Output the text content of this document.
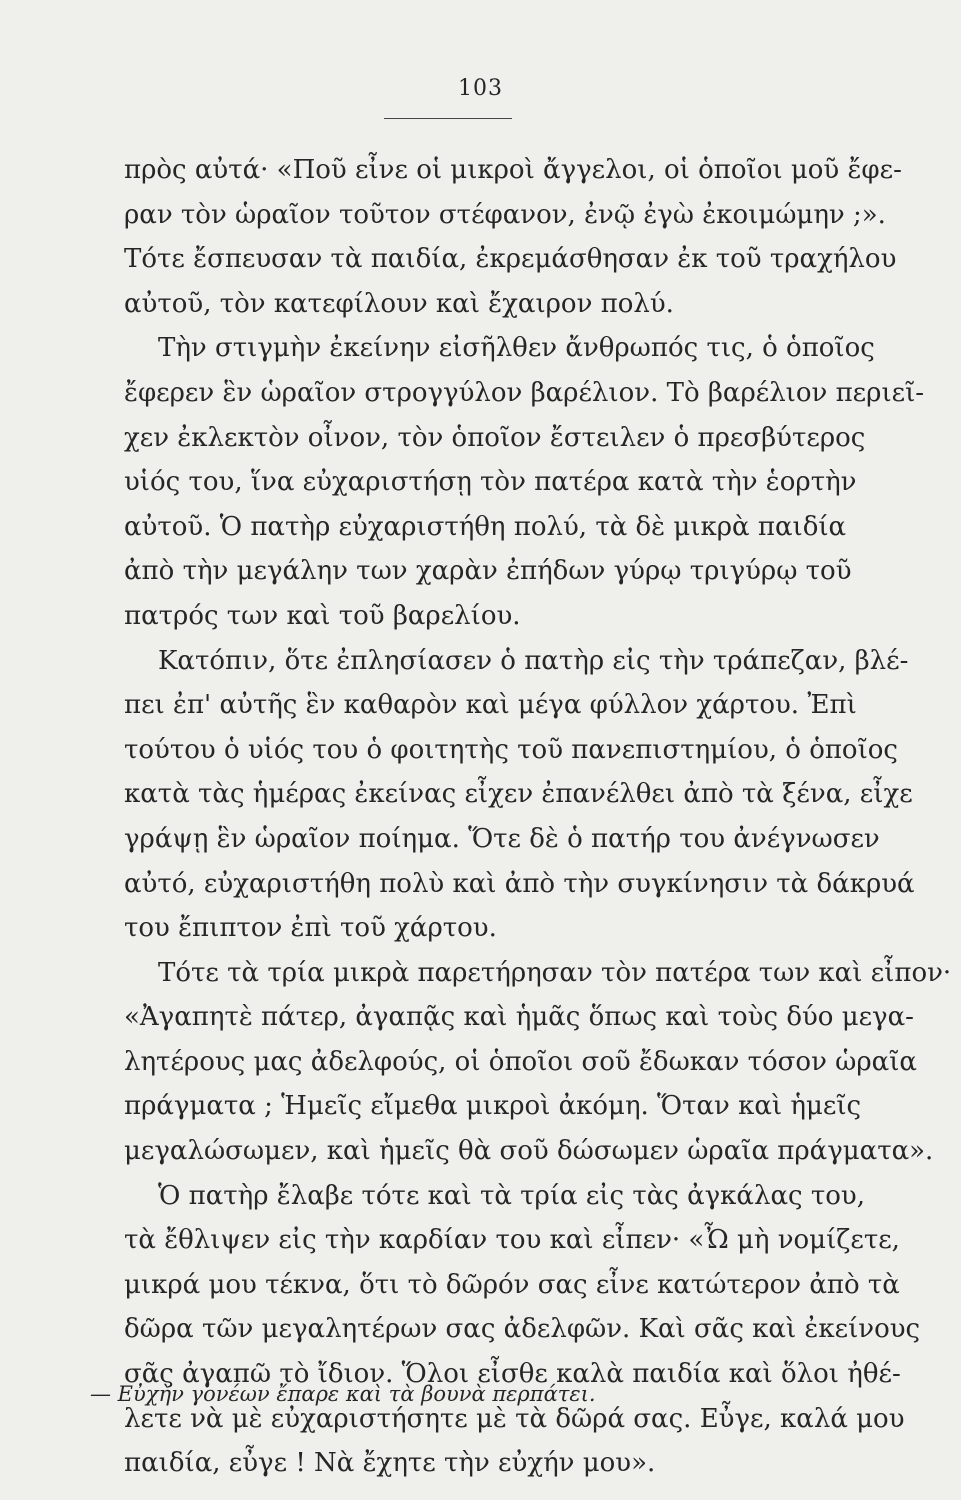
103
πρὸς αὐτά· «Ποῦ εἶνε οἱ μικροὶ ἄγγελοι, οἱ ὁποῖοι μοῦ ἔφε-
ραν τὸν ὡραῖον τοῦτον στέφανον, ἐνῷ ἐγὼ ἐκοιμώμην ;».
Τότε ἔσπευσαν τὰ παιδία, ἐκρεμάσθησαν ἐκ τοῦ τραχήλου
αὐτοῦ, τὸν κατεφίλουν καὶ ἔχαιρον πολύ.
Τὴν στιγμὴν ἐκείνην εἰσῆλθεν ἄνθρωπός τις, ὁ ὁποῖος
ἔφερεν ἓν ὡραῖον στρογγύλον βαρέλιον. Τὸ βαρέλιον περιεῖ-
χεν ἐκλεκτὸν οἶνον, τὸν ὁποῖον ἔστειλεν ὁ πρεσβύτερος
υἱός του, ἵνα εὐχαριστήσῃ τὸν πατέρα κατὰ τὴν ἑορτὴν
αὐτοῦ. Ὁ πατὴρ εὐχαριστήθη πολύ, τὰ δὲ μικρὰ παιδία
ἀπὸ τὴν μεγάλην των χαρὰν ἐπήδων γύρῳ τριγύρῳ τοῦ
πατρός των καὶ τοῦ βαρελίου.
Κατόπιν, ὅτε ἐπλησίασεν ὁ πατὴρ εἰς τὴν τράπεζαν, βλέ-
πει ἐπ' αὐτῆς ἓν καθαρὸν καὶ μέγα φύλλον χάρτου. Ἐπὶ
τούτου ὁ υἱός του ὁ φοιτητὴς τοῦ πανεπιστημίου, ὁ ὁποῖος
κατὰ τὰς ἡμέρας ἐκείνας εἶχεν ἐπανέλθει ἀπὸ τὰ ξένα, εἶχε
γράψῃ ἓν ὡραῖον ποίημα. Ὅτε δὲ ὁ πατήρ του ἀνέγνωσεν
αὐτό, εὐχαριστήθη πολὺ καὶ ἀπὸ τὴν συγκίνησιν τὰ δάκρυά
του ἔπιπτον ἐπὶ τοῦ χάρτου.
Τότε τὰ τρία μικρὰ παρετήρησαν τὸν πατέρα των καὶ εἶπον·
«Ἀγαπητὲ πάτερ, ἀγαπᾷς καὶ ἡμᾶς ὅπως καὶ τοὺς δύο μεγα-
λητέρους μας ἀδελφούς, οἱ ὁποῖοι σοῦ ἔδωκαν τόσον ὡραῖα
πράγματα ; Ἡμεῖς εἴμεθα μικροὶ ἀκόμη. Ὅταν καὶ ἡμεῖς
μεγαλώσωμεν, καὶ ἡμεῖς θὰ σοῦ δώσωμεν ὡραῖα πράγματα».
Ὁ πατὴρ ἔλαβε τότε καὶ τὰ τρία εἰς τὰς ἀγκάλας του,
τὰ ἔθλιψεν εἰς τὴν καρδίαν του καὶ εἶπεν· «Ὦ μὴ νομίζετε,
μικρά μου τέκνα, ὅτι τὸ δῶρόν σας εἶνε κατώτερον ἀπὸ τὰ
δῶρα τῶν μεγαλητέρων σας ἀδελφῶν. Καὶ σᾶς καὶ ἐκείνους
σᾶς ἀγαπῶ τὸ ἴδιον. Ὅλοι εἶσθε καλὰ παιδία καὶ ὅλοι ἠθέ-
λετε νὰ μὲ εὐχαριστήσητε μὲ τὰ δῶρά σας. Εὖγε, καλά μου
παιδία, εὖγε ! Νὰ ἔχητε τὴν εὐχήν μου».
— Εὐχὴν γονέων ἔπαρε καὶ τὰ βουνὰ περπάτει.
